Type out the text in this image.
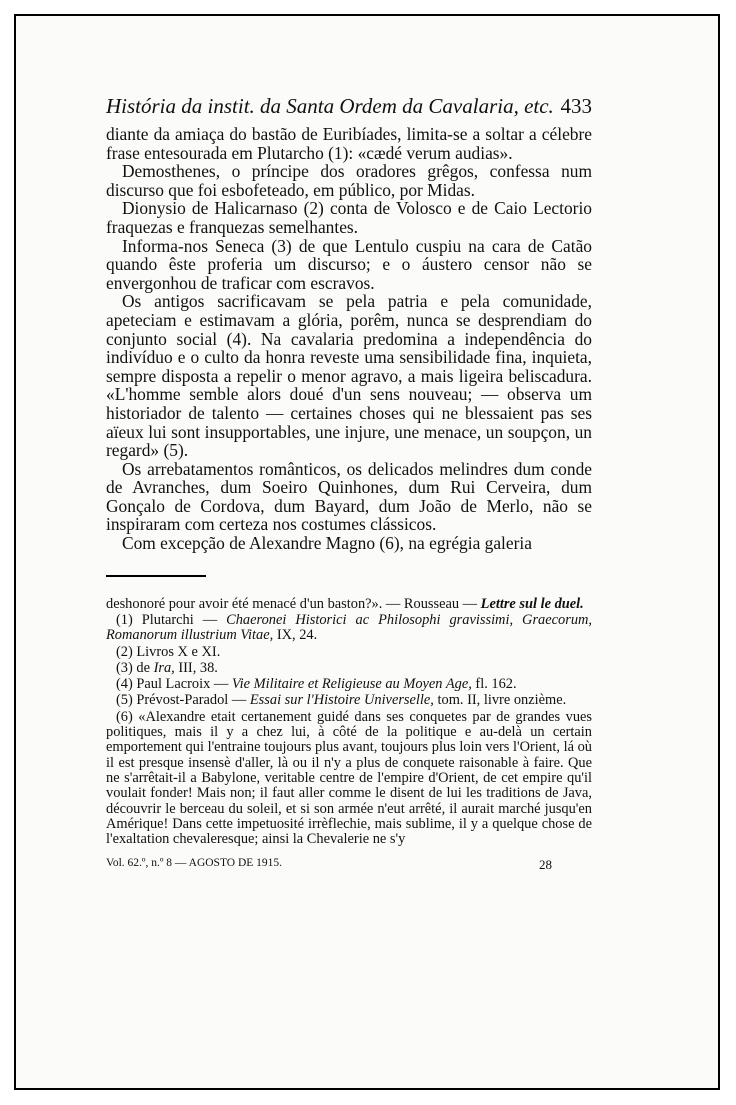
História da instit. da Santa Ordem da Cavalaria, etc. 433

diante da amiaça do bastão de Euribíades, limita-se a soltar a célebre frase entesourada em Plutarcho (1): «cædé verum audias».

Demosthenes, o príncipe dos oradores grêgos, confessa num discurso que foi esbofeteado, em público, por Midas.

Dionysio de Halicarnaso (2) conta de Volosco e de Caio Lectorio fraquezas e franquezas semelhantes.

Informa-nos Seneca (3) de que Lentulo cuspiu na cara de Catão quando êste proferia um discurso; e o áustero censor não se envergonhou de traficar com escravos.

Os antigos sacrificavam se pela patria e pela comunidade, apeteciam e estimavam a glória, porêm, nunca se desprendiam do conjunto social (4). Na cavalaria predomina a independência do indivíduo e o culto da honra reveste uma sensibilidade fina, inquieta, sempre disposta a repelir o menor agravo, a mais ligeira beliscadura. «L'homme semble alors doué d'un sens nouveau; — observa um historiador de talento — certaines choses qui ne blessaient pas ses aïeux lui sont insupportables, une injure, une menace, un soupçon, un regard» (5).

Os arrebatamentos românticos, os delicados melindres dum conde de Avranches, dum Soeiro Quinhones, dum Rui Cerveira, dum Gonçalo de Cordova, dum Bayard, dum João de Merlo, não se inspiraram com certeza nos costumes clássicos.

Com excepção de Alexandre Magno (6), na egrégia galeria

deshonoré pour avoir été menacé d'un baston?». — Rousseau — Lettre sul le duel.

(1) Plutarchi — Chaeronei Historici ac Philosophi gravissimi, Graecorum, Romanorum illustrium Vitae, IX, 24.

(2) Livros X e XI.

(3) de Ira, III, 38.

(4) Paul Lacroix — Vie Militaire et Religieuse au Moyen Age, fl. 162.

(5) Prévost-Paradol — Essai sur l'Histoire Universelle, tom. II, livre onzième.

(6) «Alexandre etait certanement guidé dans ses conquetes par de grandes vues politiques, mais il y a chez lui, à côté de la politique e au-delà un certain emportement qui l'entraine toujours plus avant, toujours plus loin vers l'Orient, lá où il est presque insensè d'aller, là ou il n'y a plus de conquete raisonable à faire. Que ne s'arrêtait-il a Babylone, veritable centre de l'empire d'Orient, de cet empire qu'il voulait fonder! Mais non; il faut aller comme le disent de lui les traditions de Java, découvrir le berceau du soleil, et si son armée n'eut arrêté, il aurait marché jusqu'en Amérique! Dans cette impetuosité irrèflechie, mais sublime, il y a quelque chose de l'exaltation chevaleresque; ainsi la Chevalerie ne s'y

Vol. 62.º, n.º 8 — AGOSTO DE 1915.	28
